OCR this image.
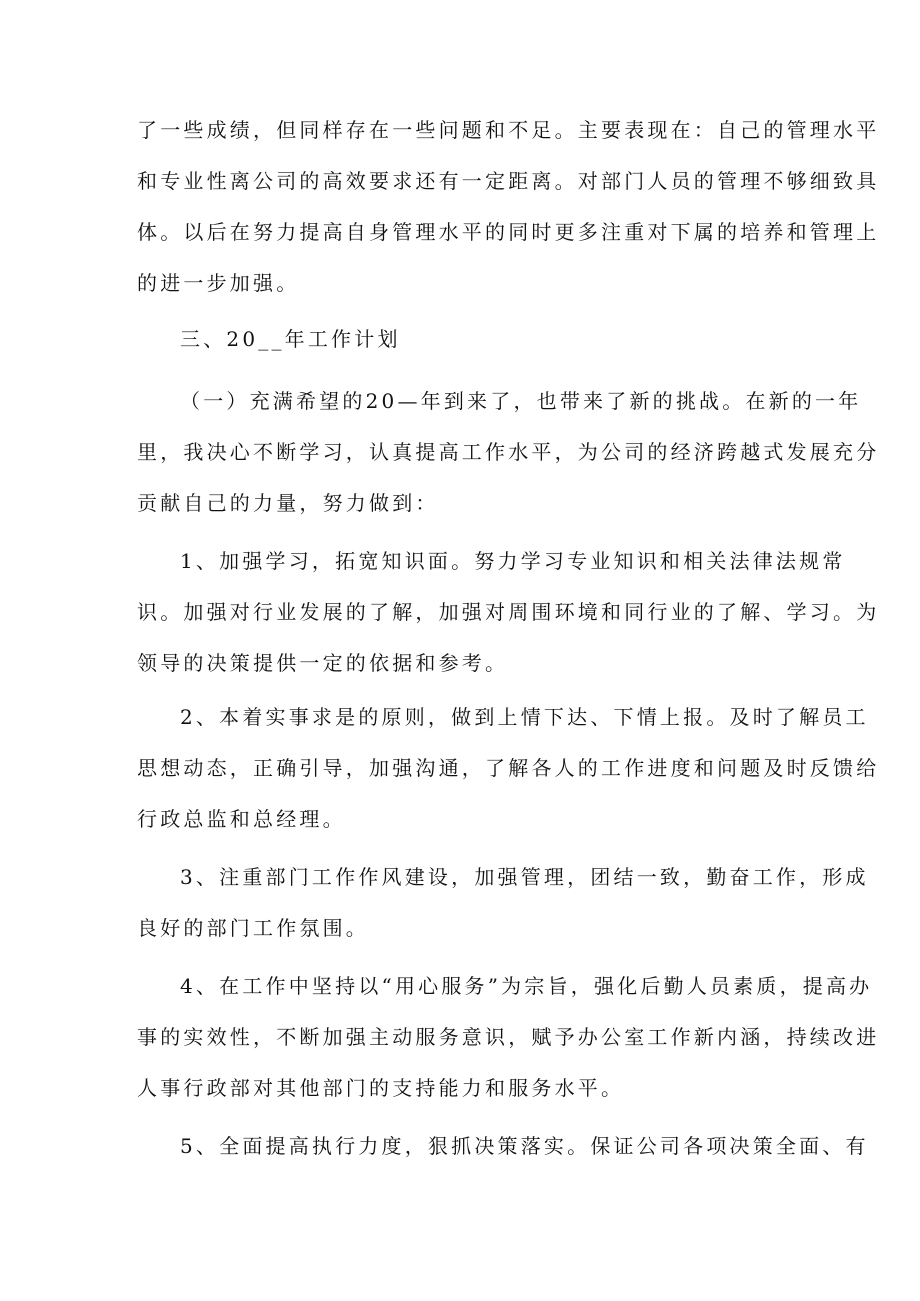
了一些成绩，但同样存在一些问题和不足。主要表现在：自己的管理水平
和专业性离公司的高效要求还有一定距离。对部门人员的管理不够细致具
体。以后在努力提高自身管理水平的同时更多注重对下属的培养和管理上
的进一步加强。
三、20__年工作计划
（一）充满希望的20—年到来了，也带来了新的挑战。在新的一年
里，我决心不断学习，认真提高工作水平，为公司的经济跨越式发展充分
贡献自己的力量，努力做到：
1、加强学习，拓宽知识面。努力学习专业知识和相关法律法规常
识。加强对行业发展的了解，加强对周围环境和同行业的了解、学习。为
领导的决策提供一定的依据和参考。
2、本着实事求是的原则，做到上情下达、下情上报。及时了解员工
思想动态，正确引导，加强沟通，了解各人的工作进度和问题及时反馈给
行政总监和总经理。
3、注重部门工作作风建设，加强管理，团结一致，勤奋工作，形成
良好的部门工作氛围。
4、在工作中坚持以“用心服务”为宗旨，强化后勤人员素质，提高办
事的实效性，不断加强主动服务意识，赋予办公室工作新内涵，持续改进
人事行政部对其他部门的支持能力和服务水平。
5、全面提高执行力度，狠抓决策落实。保证公司各项决策全面、有
